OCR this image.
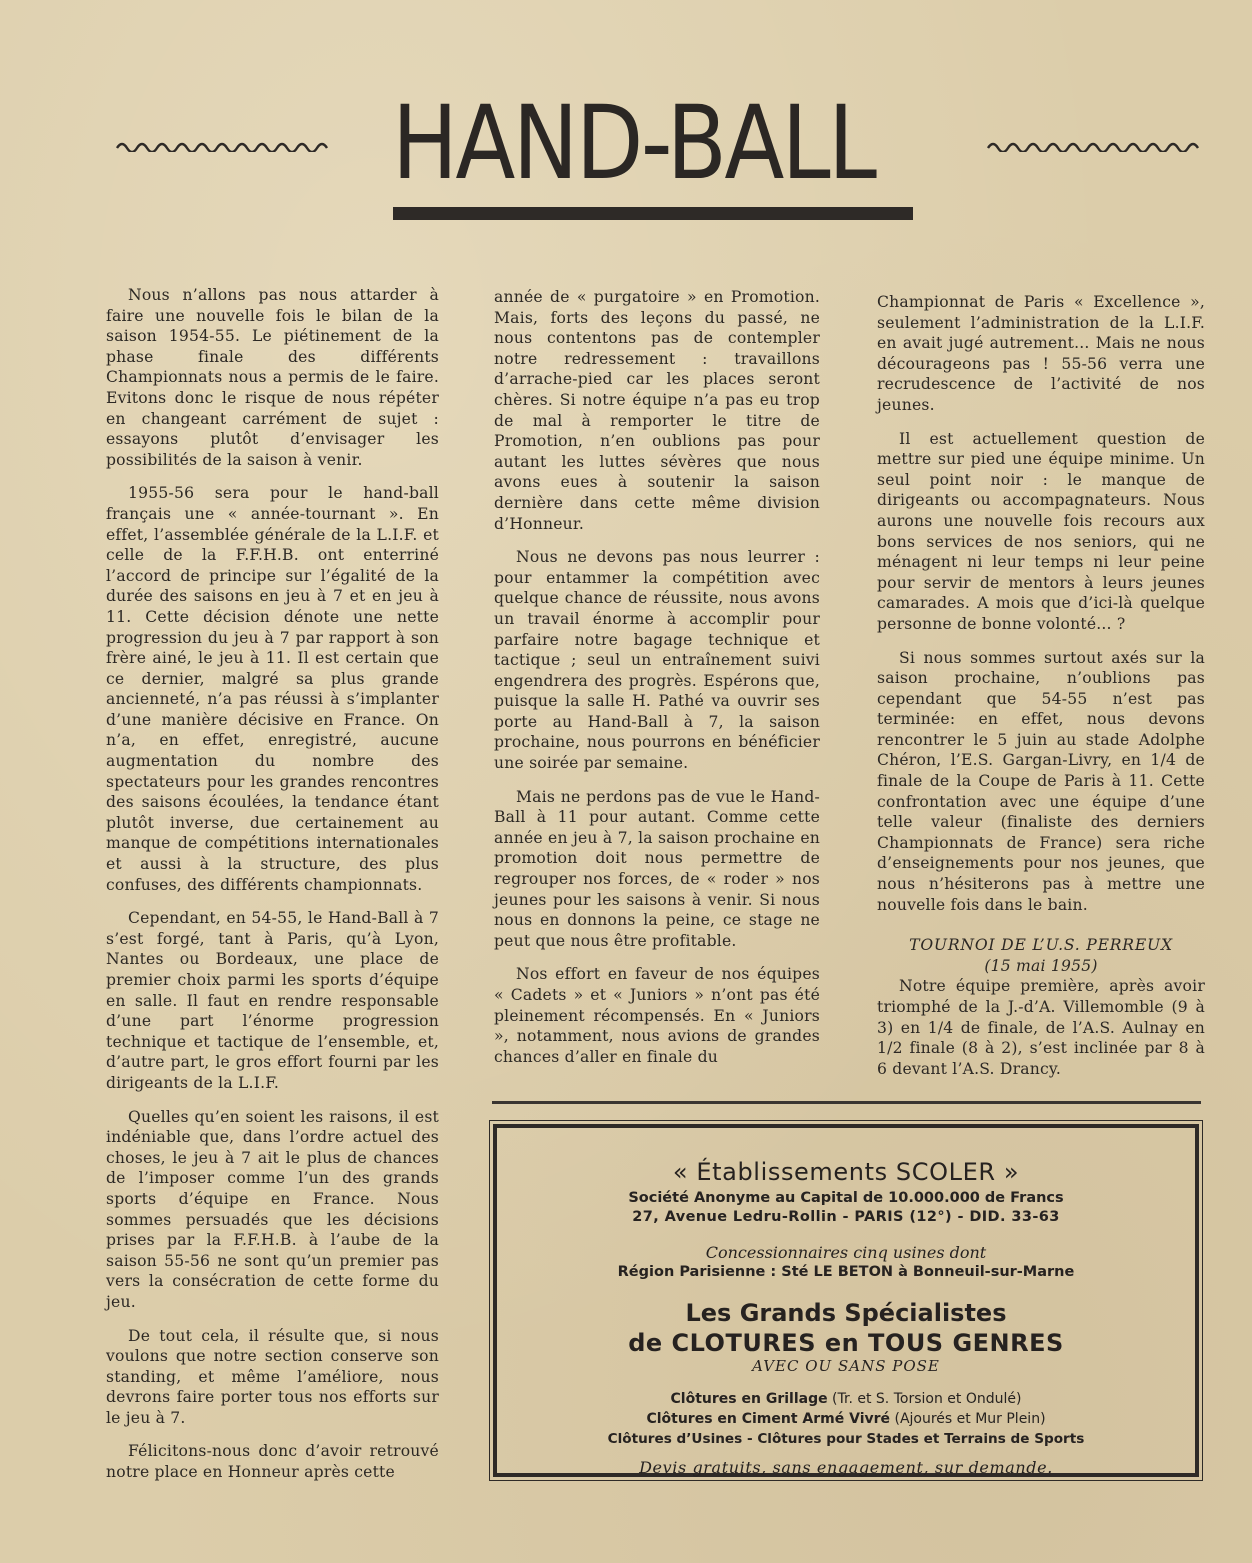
HAND-BALL

Nous n’allons pas nous attarder à faire une nouvelle fois le bilan de la saison 1954-55. Le piétinement de la phase finale des différents Championnats nous a permis de le faire. Evitons donc le risque de nous répéter en changeant carrément de sujet : essayons plutôt d’envisager les possibilités de la saison à venir.

1955-56 sera pour le hand-ball français une « année-tournant ». En effet, l’assemblée générale de la L.I.F. et celle de la F.F.H.B. ont enterriné l’accord de principe sur l’égalité de la durée des saisons en jeu à 7 et en jeu à 11. Cette décision dénote une nette progression du jeu à 7 par rapport à son frère ainé, le jeu à 11. Il est certain que ce dernier, malgré sa plus grande ancienneté, n’a pas réussi à s’implanter d’une manière décisive en France. On n’a, en effet, enregistré, aucune augmentation du nombre des spectateurs pour les grandes rencontres des saisons écoulées, la tendance étant plutôt inverse, due certainement au manque de compétitions internationales et aussi à la structure, des plus confuses, des différents championnats.

Cependant, en 54-55, le Hand-Ball à 7 s’est forgé, tant à Paris, qu’à Lyon, Nantes ou Bordeaux, une place de premier choix parmi les sports d’équipe en salle. Il faut en rendre responsable d’une part l’énorme progression technique et tactique de l’ensemble, et, d’autre part, le gros effort fourni par les dirigeants de la L.I.F.

Quelles qu’en soient les raisons, il est indéniable que, dans l’ordre actuel des choses, le jeu à 7 ait le plus de chances de l’imposer comme l’un des grands sports d’équipe en France. Nous sommes persuadés que les décisions prises par la F.F.H.B. à l’aube de la saison 55-56 ne sont qu’un premier pas vers la consécration de cette forme du jeu.

De tout cela, il résulte que, si nous voulons que notre section conserve son standing, et même l’améliore, nous devrons faire porter tous nos efforts sur le jeu à 7.

Félicitons-nous donc d’avoir retrouvé notre place en Honneur après cette

année de « purgatoire » en Promotion. Mais, forts des leçons du passé, ne nous contentons pas de contempler notre redressement : travaillons d’arrache-pied car les places seront chères. Si notre équipe n’a pas eu trop de mal à remporter le titre de Promotion, n’en oublions pas pour autant les luttes sévères que nous avons eues à soutenir la saison dernière dans cette même division d’Honneur.

Nous ne devons pas nous leurrer : pour entammer la compétition avec quelque chance de réussite, nous avons un travail énorme à accomplir pour parfaire notre bagage technique et tactique ; seul un entraînement suivi engendrera des progrès. Espérons que, puisque la salle H. Pathé va ouvrir ses porte au Hand-Ball à 7, la saison prochaine, nous pourrons en bénéficier une soirée par semaine.

Mais ne perdons pas de vue le Hand-Ball à 11 pour autant. Comme cette année en jeu à 7, la saison prochaine en promotion doit nous permettre de regrouper nos forces, de « roder » nos jeunes pour les saisons à venir. Si nous nous en donnons la peine, ce stage ne peut que nous être profitable.

Nos effort en faveur de nos équipes « Cadets » et « Juniors » n’ont pas été pleinement récompensés. En « Juniors », notamment, nous avions de grandes chances d’aller en finale du

Championnat de Paris « Excellence », seulement l’administration de la L.I.F. en avait jugé autrement... Mais ne nous décourageons pas ! 55-56 verra une recrudescence de l’activité de nos jeunes.

Il est actuellement question de mettre sur pied une équipe minime. Un seul point noir : le manque de dirigeants ou accompagnateurs. Nous aurons une nouvelle fois recours aux bons services de nos seniors, qui ne ménagent ni leur temps ni leur peine pour servir de mentors à leurs jeunes camarades. A mois que d’ici-là quelque personne de bonne volonté... ?

Si nous sommes surtout axés sur la saison prochaine, n’oublions pas cependant que 54-55 n’est pas terminée: en effet, nous devons rencontrer le 5 juin au stade Adolphe Chéron, l’E.S. Gargan-Livry, en 1/4 de finale de la Coupe de Paris à 11. Cette confrontation avec une équipe d’une telle valeur (finaliste des derniers Championnats de France) sera riche d’enseignements pour nos jeunes, que nous n’hésiterons pas à mettre une nouvelle fois dans le bain.

TOURNOI DE L’U.S. PERREUX

(15 mai 1955)

Notre équipe première, après avoir triomphé de la J.-d’A. Villemomble (9 à 3) en 1/4 de finale, de l’A.S. Aulnay en 1/2 finale (8 à 2), s’est inclinée par 8 à 6 devant l’A.S. Drancy.

« Établissements SCOLER »

Société Anonyme au Capital de 10.000.000 de Francs

27, Avenue Ledru-Rollin - PARIS (12°) - DID. 33-63

Concessionnaires cinq usines dont

Région Parisienne : Sté LE BETON à Bonneuil-sur-Marne

Les Grands Spécialistes

de CLOTURES en TOUS GENRES

AVEC OU SANS POSE

Clôtures en Grillage (Tr. et S. Torsion et Ondulé)

Clôtures en Ciment Armé Vivré (Ajourés et Mur Plein)

Clôtures d’Usines - Clôtures pour Stades et Terrains de Sports

Devis gratuits, sans engagement, sur demande.
